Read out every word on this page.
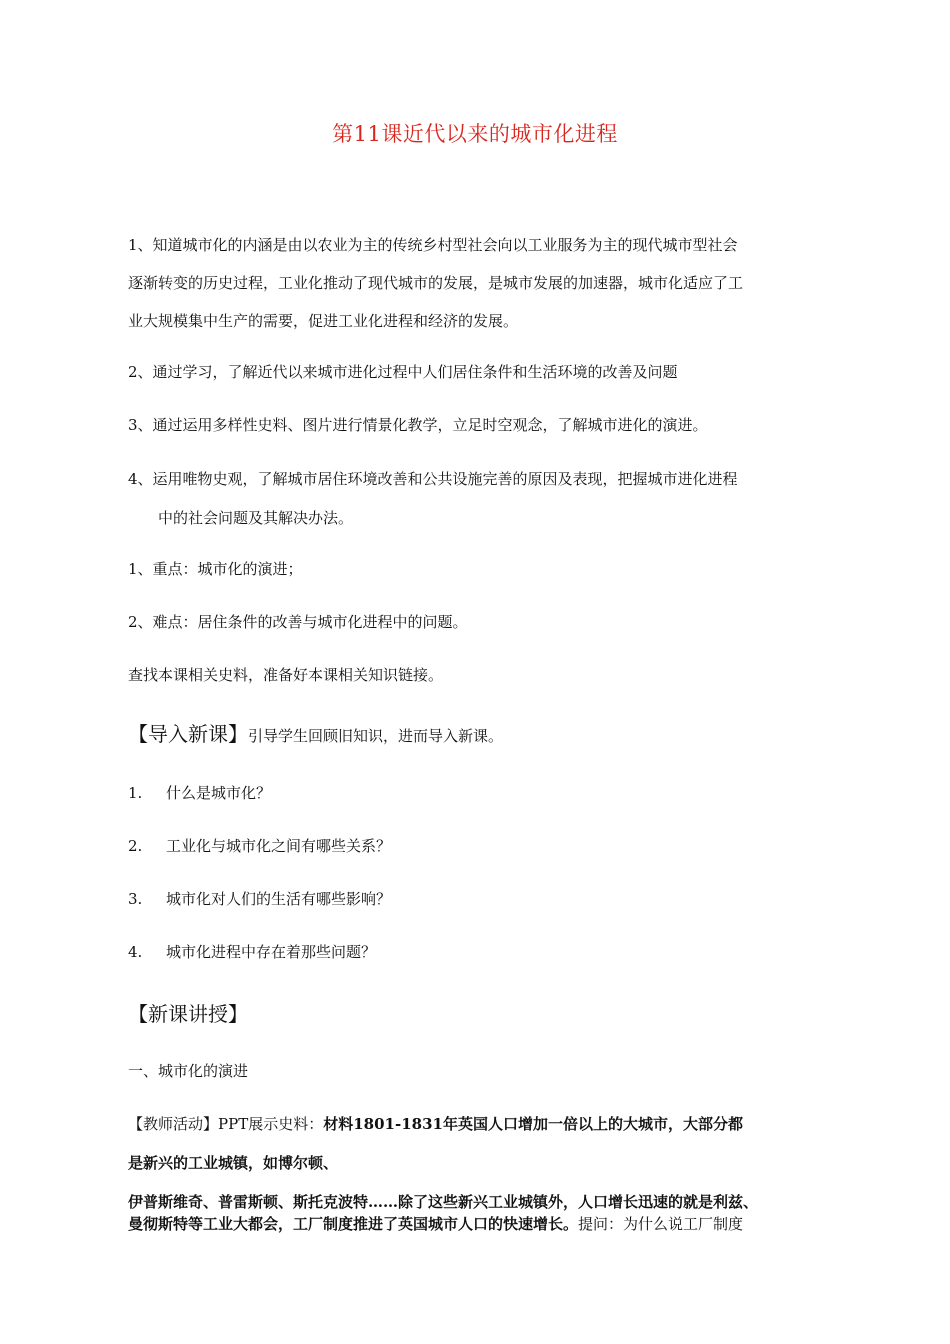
第11课近代以来的城市化进程
1、知道城市化的内涵是由以农业为主的传统乡村型社会向以工业服务为主的现代城市型社会
逐渐转变的历史过程，工业化推动了现代城市的发展，是城市发展的加速器，城市化适应了工
业大规模集中生产的需要，促进工业化进程和经济的发展。
2、通过学习，了解近代以来城市进化过程中人们居住条件和生活环境的改善及问题
3、通过运用多样性史料、图片进行情景化教学，立足时空观念，了解城市进化的演进。
4、运用唯物史观，了解城市居住环境改善和公共设施完善的原因及表现，把握城市进化进程
中的社会问题及其解决办法。
1、重点：城市化的演进；
2、难点：居住条件的改善与城市化进程中的问题。
查找本课相关史料，准备好本课相关知识链接。
【导入新课】引导学生回顾旧知识，进而导入新课。
1. 什么是城市化？
2. 工业化与城市化之间有哪些关系？
3. 城市化对人们的生活有哪些影响？
4. 城市化进程中存在着那些问题？
【新课讲授】
一、城市化的演进
【教师活动】PPT展示史料：材料1801-1831年英国人口增加一倍以上的大城市，大部分都
是新兴的工业城镇，如博尔顿、
伊普斯维奇、普雷斯顿、斯托克波特……除了这些新兴工业城镇外，人口增长迅速的就是利兹、
曼彻斯特等工业大都会，工厂制度推进了英国城市人口的快速增长。提问：为什么说工厂制度
